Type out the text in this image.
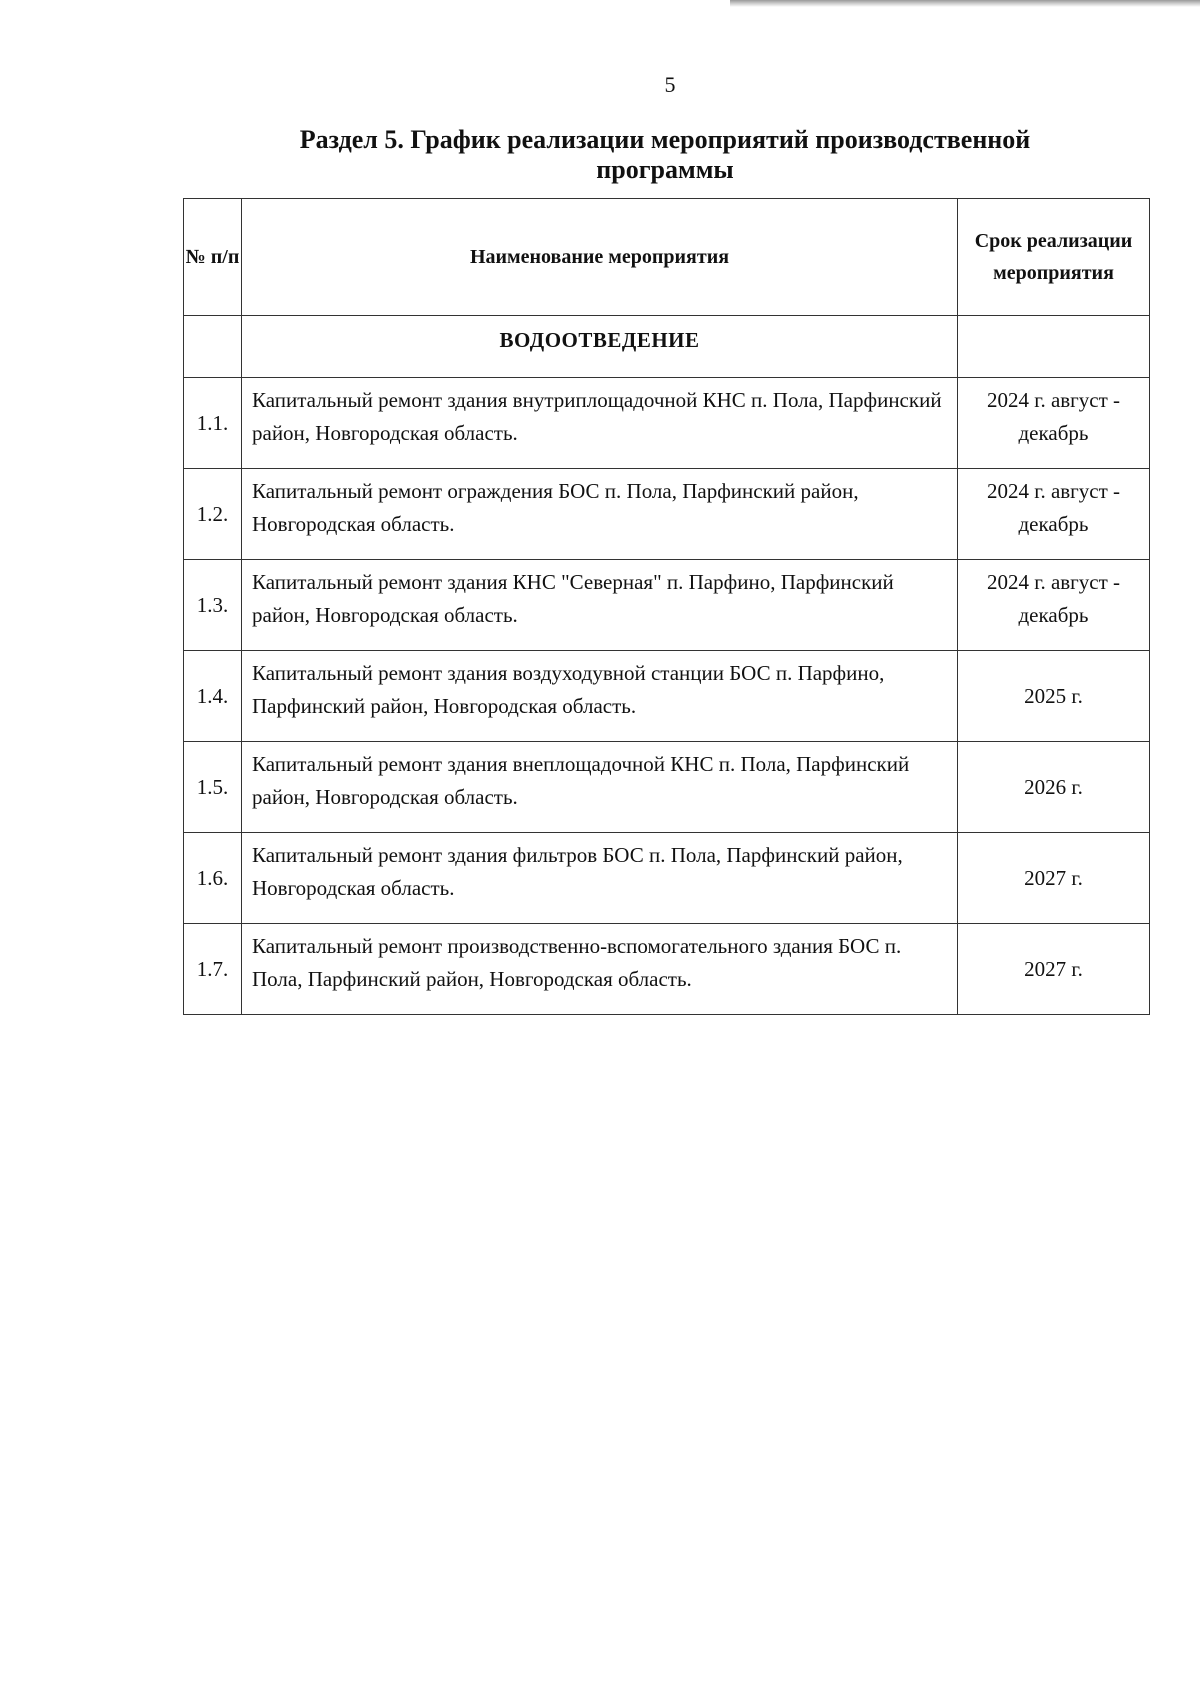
5
Раздел 5. График реализации мероприятий производственной программы
№ п/п	Наименование мероприятия	Срок реализации мероприятия
	ВОДООТВЕДЕНИЕ	
1.1.	Капитальный ремонт здания внутриплощадочной КНС п. Пола, Парфинский район, Новгородская область.	2024 г. август - декабрь
1.2.	Капитальный ремонт ограждения БОС п. Пола, Парфинский район, Новгородская область.	2024 г. август - декабрь
1.3.	Капитальный ремонт здания КНС "Северная" п. Парфино, Парфинский район, Новгородская область.	2024 г. август - декабрь
1.4.	Капитальный ремонт здания воздуходувной станции БОС п. Парфино, Парфинский район, Новгородская область.	2025 г.
1.5.	Капитальный ремонт здания внеплощадочной КНС п. Пола, Парфинский район, Новгородская область.	2026 г.
1.6.	Капитальный ремонт здания фильтров БОС п. Пола, Парфинский район, Новгородская область.	2027 г.
1.7.	Капитальный ремонт производственно-вспомогательного здания БОС п. Пола, Парфинский район, Новгородская область.	2027 г.
